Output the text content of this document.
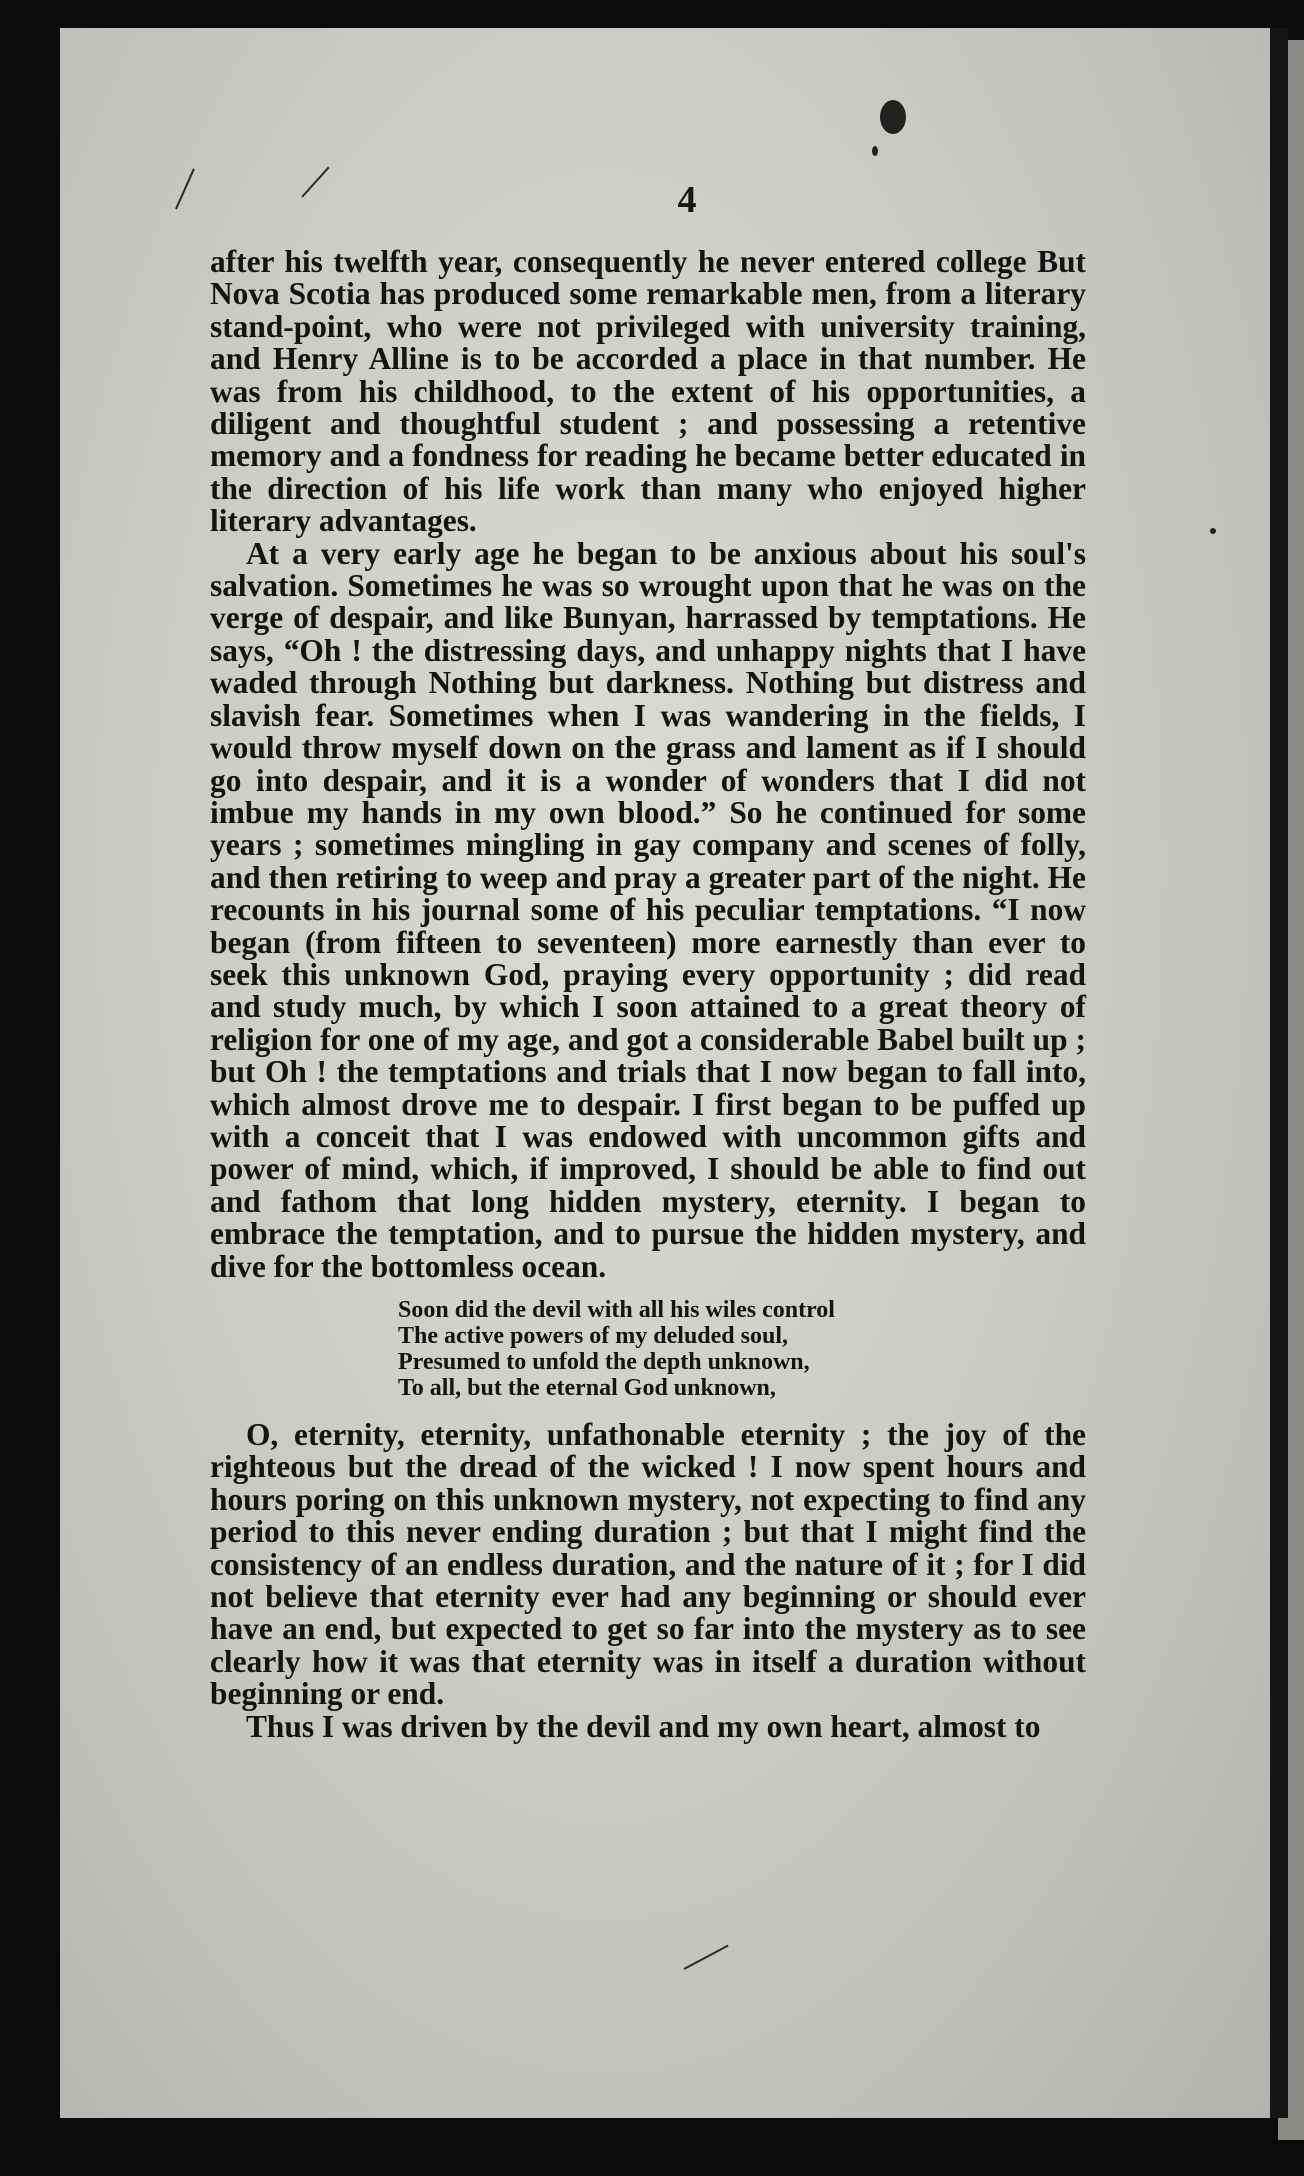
4

after his twelfth year, consequently he never entered college But Nova Scotia has produced some remarkable men, from a literary stand-point, who were not privileged with university training, and Henry Alline is to be accorded a place in that number. He was from his childhood, to the extent of his opportunities, a diligent and thoughtful student ; and possessing a retentive memory and a fondness for reading he became better educated in the direction of his life work than many who enjoyed higher literary advantages.

At a very early age he began to be anxious about his soul's salvation. Sometimes he was so wrought upon that he was on the verge of despair, and like Bunyan, harrassed by temptations. He says, “Oh ! the distressing days, and unhappy nights that I have waded through Nothing but darkness. Nothing but distress and slavish fear. Sometimes when I was wandering in the fields, I would throw myself down on the grass and lament as if I should go into despair, and it is a wonder of wonders that I did not imbue my hands in my own blood.” So he continued for some years ; sometimes mingling in gay company and scenes of folly, and then retiring to weep and pray a greater part of the night. He recounts in his journal some of his peculiar temptations. “I now began (from fifteen to seventeen) more earnestly than ever to seek this unknown God, praying every opportunity ; did read and study much, by which I soon attained to a great theory of religion for one of my age, and got a considerable Babel built up ; but Oh ! the temptations and trials that I now began to fall into, which almost drove me to despair. I first began to be puffed up with a conceit that I was endowed with uncommon gifts and power of mind, which, if improved, I should be able to find out and fathom that long hidden mystery, eternity. I began to embrace the temptation, and to pursue the hidden mystery, and dive for the bottomless ocean.

Soon did the devil with all his wiles control
The active powers of my deluded soul,
Presumed to unfold the depth unknown,
To all, but the eternal God unknown,

O, eternity, eternity, unfathonable eternity ; the joy of the righteous but the dread of the wicked ! I now spent hours and hours poring on this unknown mystery, not expecting to find any period to this never ending duration ; but that I might find the consistency of an endless duration, and the nature of it ; for I did not believe that eternity ever had any beginning or should ever have an end, but expected to get so far into the mystery as to see clearly how it was that eternity was in itself a duration without beginning or end.

Thus I was driven by the devil and my own heart, almost to
